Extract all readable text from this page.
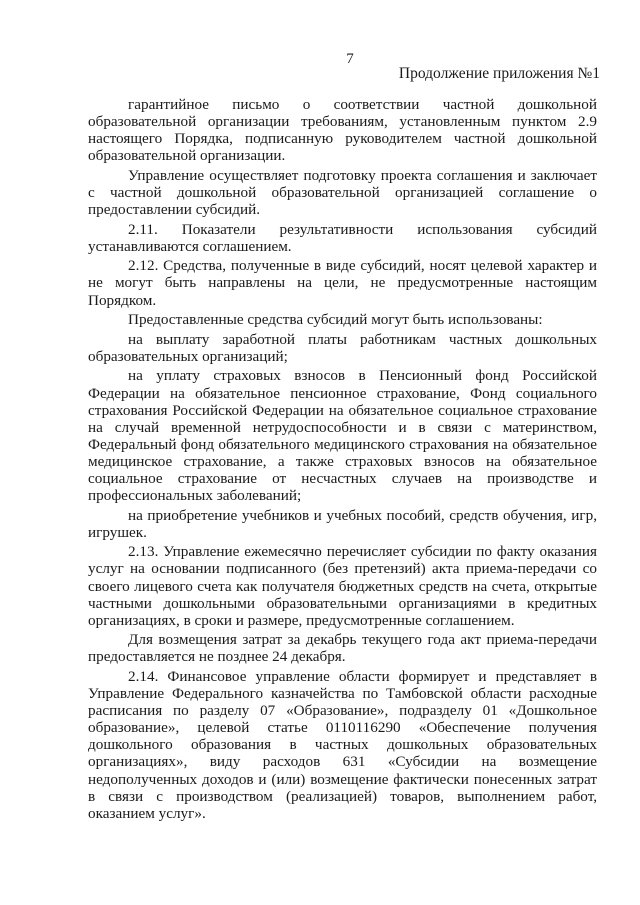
7
Продолжение приложения №1

гарантийное письмо о соответствии частной дошкольной образовательной организации требованиям, установленным пунктом 2.9 настоящего Порядка, подписанную руководителем частной дошкольной образовательной организации.

Управление осуществляет подготовку проекта соглашения и заключает с частной дошкольной образовательной организацией соглашение о предоставлении субсидий.

2.11. Показатели результативности использования субсидий устанавливаются соглашением.

2.12. Средства, полученные в виде субсидий, носят целевой характер и не могут быть направлены на цели, не предусмотренные настоящим Порядком.

Предоставленные средства субсидий могут быть использованы:

на выплату заработной платы работникам частных дошкольных образовательных организаций;

на уплату страховых взносов в Пенсионный фонд Российской Федерации на обязательное пенсионное страхование, Фонд социального страхования Российской Федерации на обязательное социальное страхование на случай временной нетрудоспособности и в связи с материнством, Федеральный фонд обязательного медицинского страхования на обязательное медицинское страхование, а также страховых взносов на обязательное социальное страхование от несчастных случаев на производстве и профессиональных заболеваний;

на приобретение учебников и учебных пособий, средств обучения, игр, игрушек.

2.13. Управление ежемесячно перечисляет субсидии по факту оказания услуг на основании подписанного (без претензий) акта приема-передачи со своего лицевого счета как получателя бюджетных средств на счета, открытые частными дошкольными образовательными организациями в кредитных организациях, в сроки и размере, предусмотренные соглашением.

Для возмещения затрат за декабрь текущего года акт приема-передачи предоставляется не позднее 24 декабря.

2.14. Финансовое управление области формирует и представляет в Управление Федерального казначейства по Тамбовской области расходные расписания по разделу 07 «Образование», подразделу 01 «Дошкольное образование», целевой статье 0110116290 «Обеспечение получения дошкольного образования в частных дошкольных образовательных организациях», виду расходов 631 «Субсидии на возмещение недополученных доходов и (или) возмещение фактически понесенных затрат в связи с производством (реализацией) товаров, выполнением работ, оказанием услуг».
